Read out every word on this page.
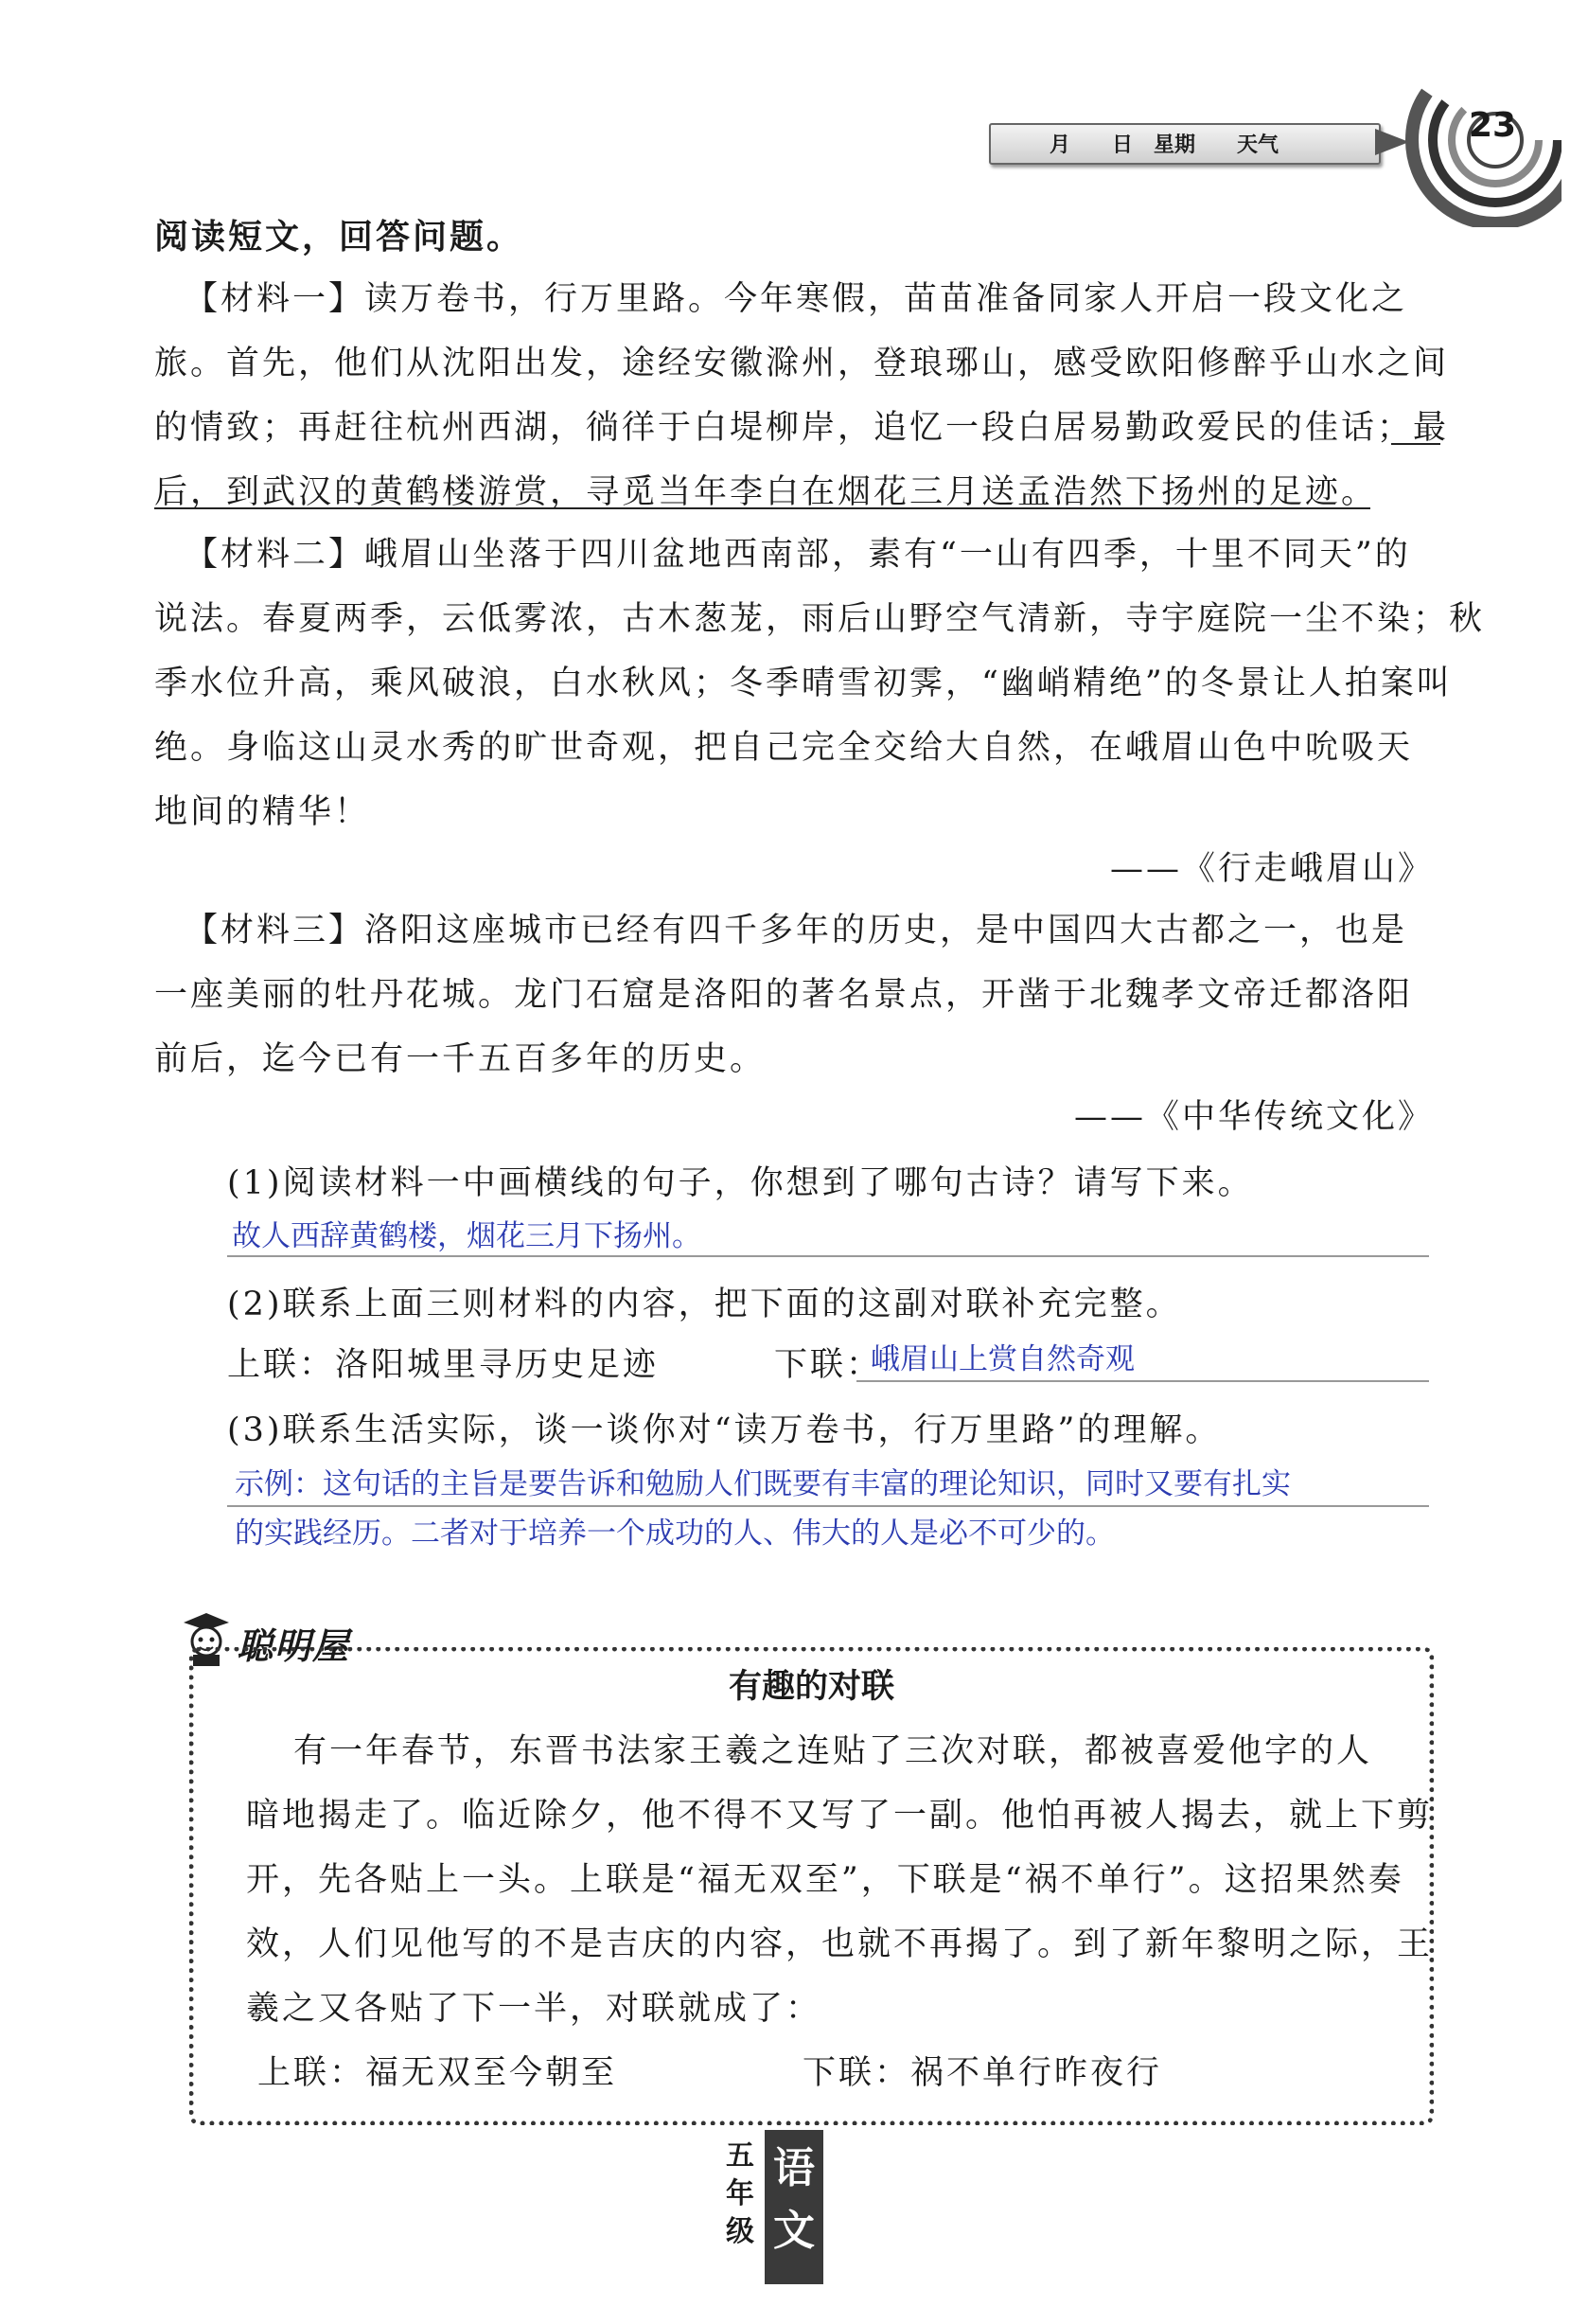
月　　日　星期　　天气
23
阅读短文，回答问题。
【材料一】读万卷书，行万里路。今年寒假，苗苗准备同家人开启一段文化之
旅。首先，他们从沈阳出发，途经安徽滁州，登琅琊山，感受欧阳修醉乎山水之间
的情致；再赶往杭州西湖，徜徉于白堤柳岸，追忆一段白居易勤政爱民的佳话；最
后，到武汉的黄鹤楼游赏，寻觅当年李白在烟花三月送孟浩然下扬州的足迹。
【材料二】峨眉山坐落于四川盆地西南部，素有“一山有四季，十里不同天”的
说法。春夏两季，云低雾浓，古木葱茏，雨后山野空气清新，寺宇庭院一尘不染；秋
季水位升高，乘风破浪，白水秋风；冬季晴雪初霁，“幽峭精绝”的冬景让人拍案叫
绝。身临这山灵水秀的旷世奇观，把自己完全交给大自然，在峨眉山色中吮吸天
地间的精华！
——《行走峨眉山》
【材料三】洛阳这座城市已经有四千多年的历史，是中国四大古都之一，也是
一座美丽的牡丹花城。龙门石窟是洛阳的著名景点，开凿于北魏孝文帝迁都洛阳
前后，迄今已有一千五百多年的历史。
——《中华传统文化》
(1)阅读材料一中画横线的句子，你想到了哪句古诗？请写下来。
故人西辞黄鹤楼，烟花三月下扬州。
(2)联系上面三则材料的内容，把下面的这副对联补充完整。
上联：洛阳城里寻历史足迹	下联：
峨眉山上赏自然奇观
(3)联系生活实际，谈一谈你对“读万卷书，行万里路”的理解。
示例：这句话的主旨是要告诉和勉励人们既要有丰富的理论知识，同时又要有扎实
的实践经历。二者对于培养一个成功的人、伟大的人是必不可少的。
聪明屋
有趣的对联
有一年春节，东晋书法家王羲之连贴了三次对联，都被喜爱他字的人
暗地揭走了。临近除夕，他不得不又写了一副。他怕再被人揭去，就上下剪
开，先各贴上一头。上联是“福无双至”，下联是“祸不单行”。这招果然奏
效，人们见他写的不是吉庆的内容，也就不再揭了。到了新年黎明之际，王
羲之又各贴了下一半，对联就成了：
上联：福无双至今朝至	下联：祸不单行昨夜行
五
年
级
语
文
